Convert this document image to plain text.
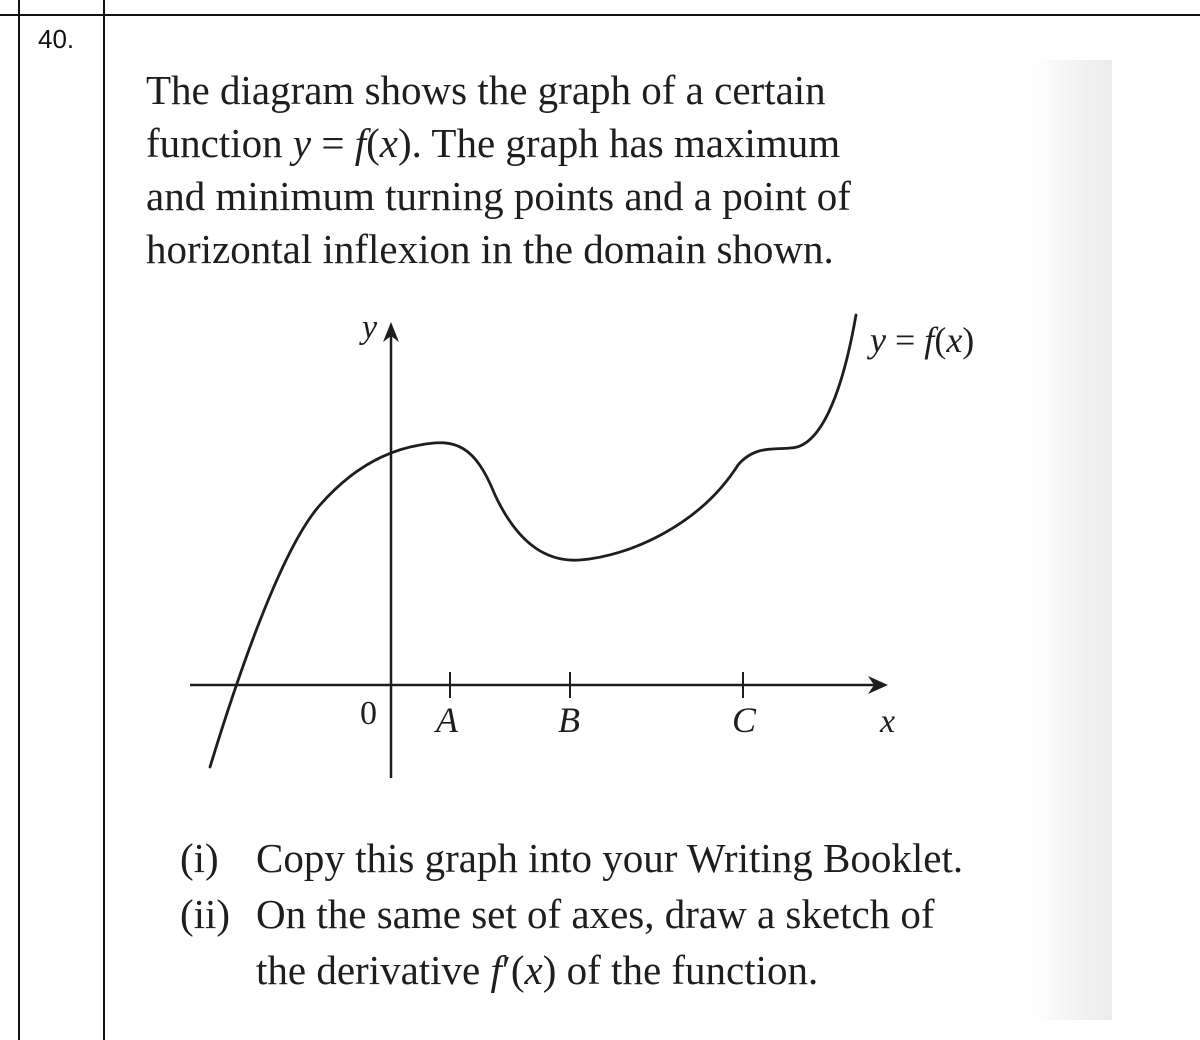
40.

The diagram shows the graph of a certain

function y = f(x). The graph has maximum

and minimum turning points and a point of

horizontal inflexion in the domain shown.

y
x
0 A	B	C
y = f(x)
(i) Copy this graph into your Writing Booklet.
(ii) On the same set of axes, draw a sketch of
the derivative f′(x) of the function.
